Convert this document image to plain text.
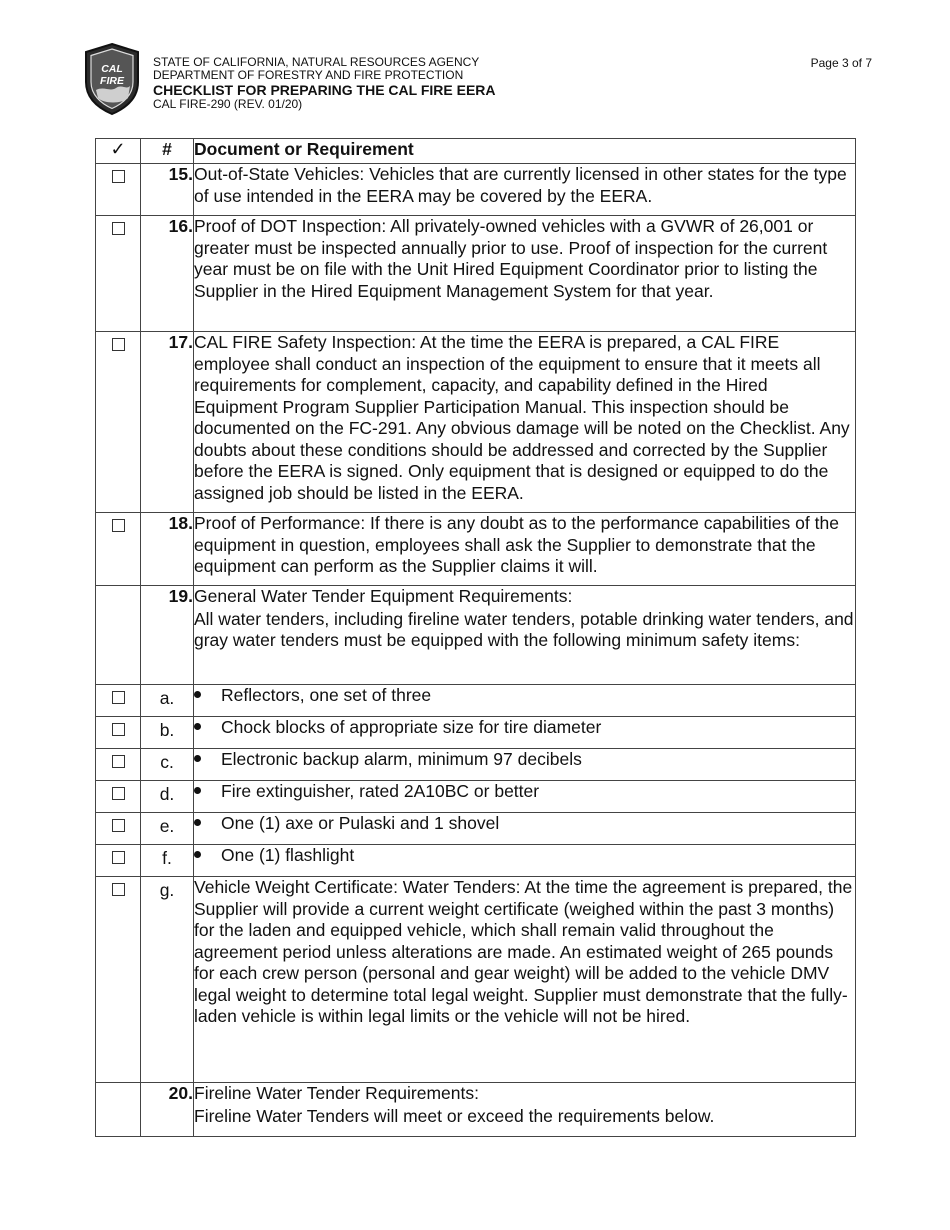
CAL
FIRE
STATE OF CALIFORNIA, NATURAL RESOURCES AGENCY
DEPARTMENT OF FORESTRY AND FIRE PROTECTION
CHECKLIST FOR PREPARING THE CAL FIRE EERA
CAL FIRE-290 (REV. 01/20)
Page 3 of 7
✓	#	Document or Requirement
	15.	Out-of-State Vehicles: Vehicles that are currently licensed in other states for the type of use intended in the EERA may be covered by the EERA.

	16.	Proof of DOT Inspection: All privately-owned vehicles with a GVWR of 26,001 or greater must be inspected annually prior to use. Proof of inspection for the current year must be on file with the Unit Hired Equipment Coordinator prior to listing the Supplier in the Hired Equipment Management System for that year.

	17.	CAL FIRE Safety Inspection: At the time the EERA is prepared, a CAL FIRE employee shall conduct an inspection of the equipment to ensure that it meets all requirements for complement, capacity, and capability defined in the Hired Equipment Program Supplier Participation Manual. This inspection should be documented on the FC-291. Any obvious damage will be noted on the Checklist. Any doubts about these conditions should be addressed and corrected by the Supplier before the EERA is signed. Only equipment that is designed or equipped to do the assigned job should be listed in the EERA.

	18.	Proof of Performance: If there is any doubt as to the performance capabilities of the equipment in question, employees shall ask the Supplier to demonstrate that the equipment can perform as the Supplier claims it will.

	19.	General Water Tender Equipment Requirements:

All water tenders, including fireline water tenders, potable drinking water tenders, and gray water tenders must be equipped with the following minimum safety items:

	a.	Reflectors, one set of three
	b.	Chock blocks of appropriate size for tire diameter
	c.	Electronic backup alarm, minimum 97 decibels
	d.	Fire extinguisher, rated 2A10BC or better
	e.	One (1) axe or Pulaski and 1 shovel
	f.	One (1) flashlight
	g.	Vehicle Weight Certificate: Water Tenders: At the time the agreement is prepared, the Supplier will provide a current weight certificate (weighed within the past 3 months) for the laden and equipped vehicle, which shall remain valid throughout the agreement period unless alterations are made. An estimated weight of 265 pounds for each crew person (personal and gear weight) will be added to the vehicle DMV legal weight to determine total legal weight. Supplier must demonstrate that the fully-laden vehicle is within legal limits or the vehicle will not be hired.

	20.	Fireline Water Tender Requirements:

Fireline Water Tenders will meet or exceed the requirements below.
